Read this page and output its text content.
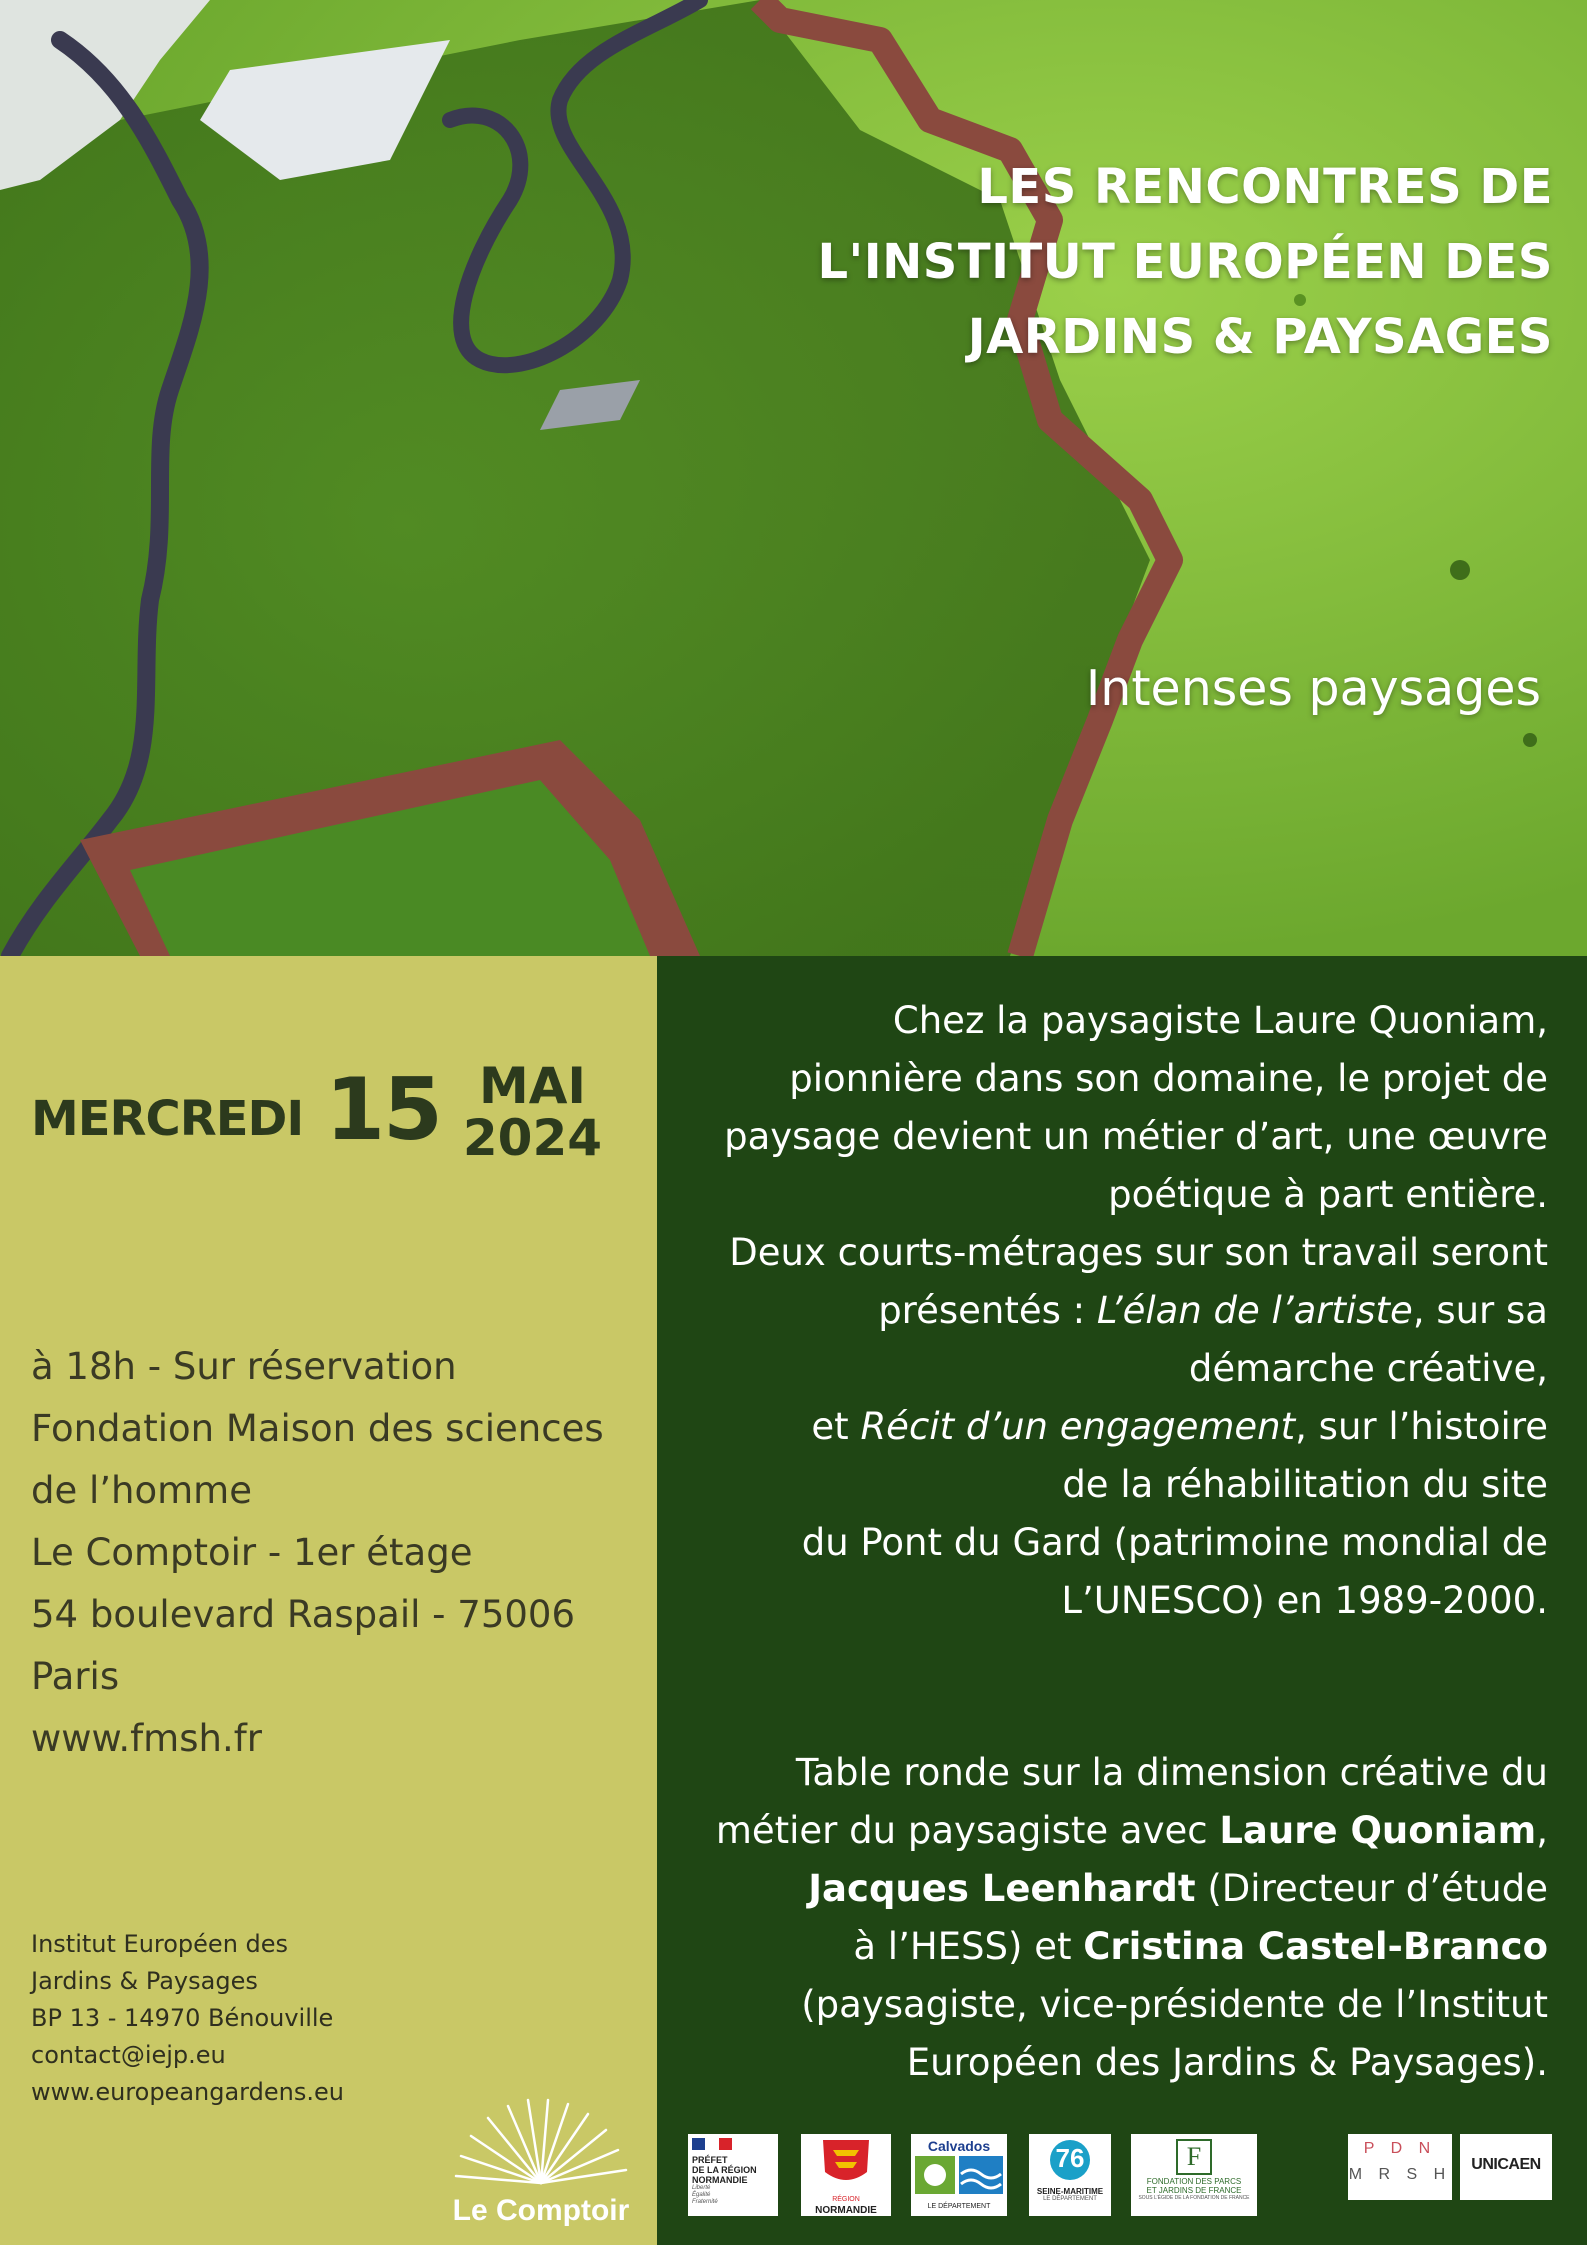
LES RENCONTRES DE
L'INSTITUT EUROPÉEN DES
JARDINS & PAYSAGES
Intenses paysages
MERCREDI 15 MAI
2024
à 18h - Sur réservation
Fondation Maison des sciences
de l’homme
Le Comptoir - 1er étage
54 boulevard Raspail - 75006
Paris
www.fmsh.fr
Institut Européen des
Jardins & Paysages
BP 13 - 14970 Bénouville
contact@iejp.eu
www.europeangardens.eu
Le Comptoir
Chez la paysagiste Laure Quoniam,
pionnière dans son domaine, le projet de
paysage devient un métier d’art, une œuvre
poétique à part entière.
Deux courts-métrages sur son travail seront
présentés : L’élan de l’artiste, sur sa
démarche créative,
et Récit d’un engagement, sur l’histoire
de la réhabilitation du site
du Pont du Gard (patrimoine mondial de
L’UNESCO) en 1989-2000.
Table ronde sur la dimension créative du
métier du paysagiste avec Laure Quoniam,
Jacques Leenhardt (Directeur d’étude
à l’HESS) et Cristina Castel-Branco
(paysagiste, vice-présidente de l’Institut
Européen des Jardins & Paysages).
PRÉFET
DE LA RÉGION
NORMANDIE
Liberté
Égalité
Fraternité	RÉGION
NORMANDIE
Calvados
LE DÉPARTEMENT
76
SEINE-MARITIME
LE DÉPARTEMENT
F
FONDATION DES PARCS
ET JARDINS DE FRANCE
SOUS L’ÉGIDE DE LA FONDATION DE FRANCE
P D N
M R S H
UNICAEN
